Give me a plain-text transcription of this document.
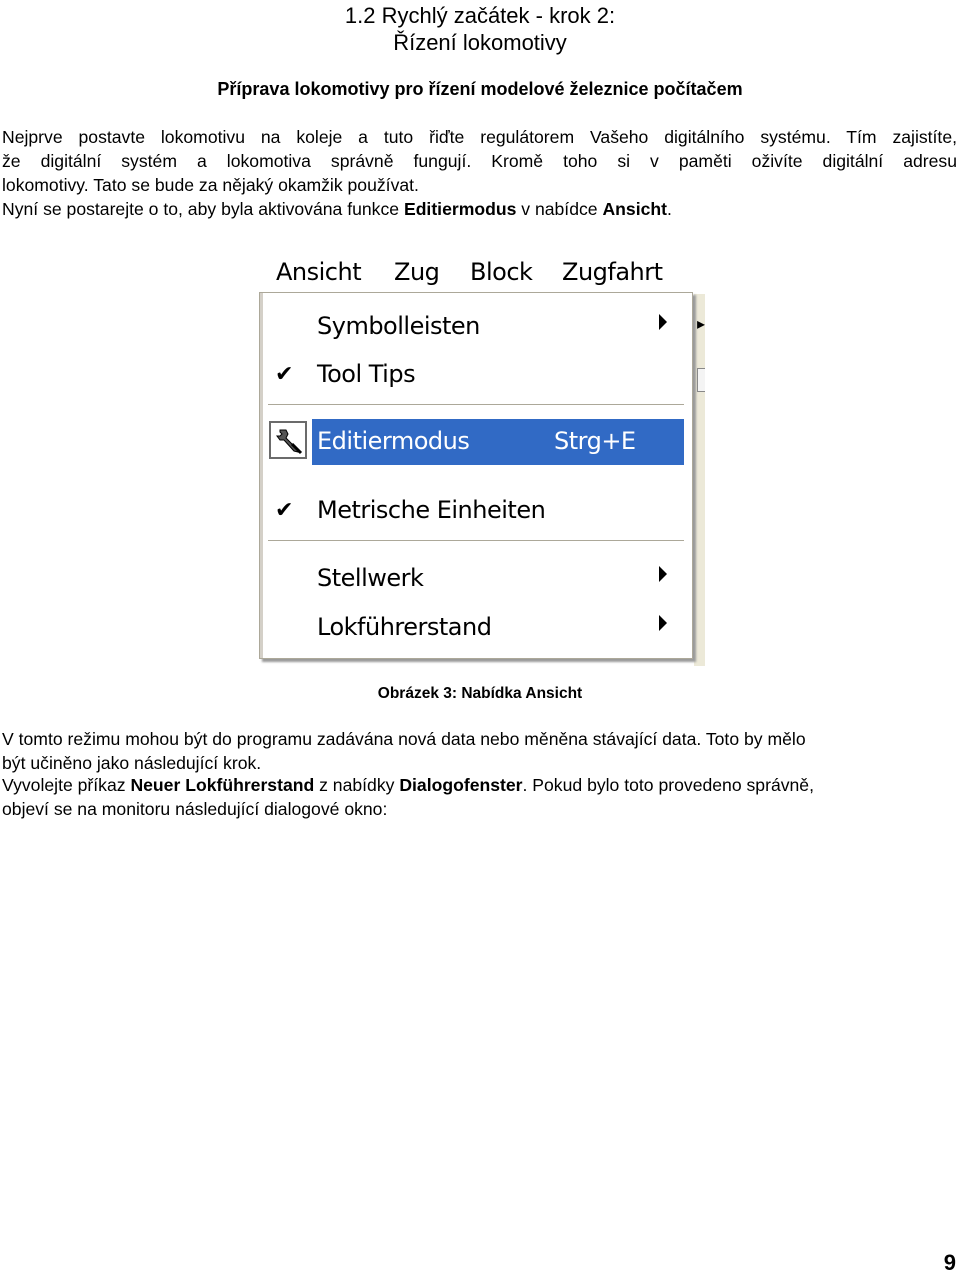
1.2 Rychlý začátek - krok 2:
Řízení lokomotivy
Příprava lokomotivy pro řízení modelové železnice počítačem
Nejprve postavte lokomotivu na koleje a tuto řiďte regulátorem Vašeho digitálního systému. Tím zajistíte,
že digitální systém a lokomotiva správně fungují. Kromě toho si v paměti oživíte digitální adresu
lokomotivy. Tato se bude za nějaký okamžik používat.
Nyní se postarejte o to, aby byla aktivována funkce Editiermodus v nabídce Ansicht.
Ansicht Zug Block Zugfahrt
▸
Symbolleisten
✔ Tool Tips
Editiermodus	Strg+E
✔ Metrische Einheiten
Stellwerk
Lokführerstand
Obrázek 3: Nabídka Ansicht
V tomto režimu mohou být do programu zadávána nová data nebo měněna stávající data. Toto by mělo
být učiněno jako následující krok.
Vyvolejte příkaz Neuer Lokführerstand z nabídky Dialogofenster. Pokud bylo toto provedeno správně,
objeví se na monitoru následující dialogové okno:
9
